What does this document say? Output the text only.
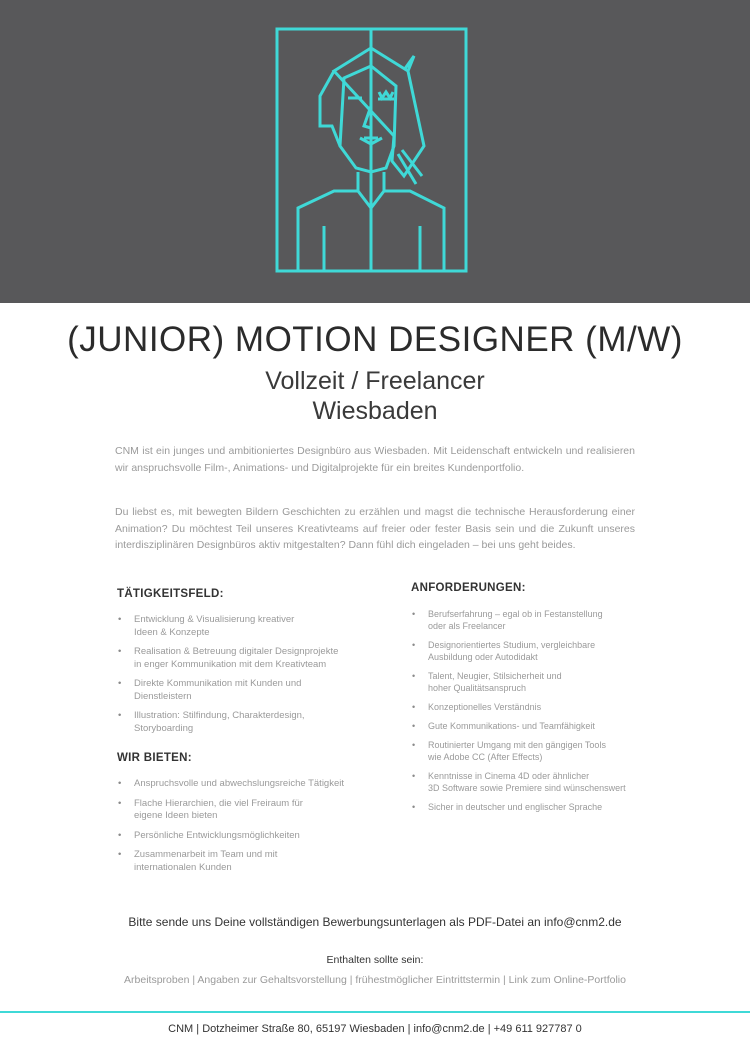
(JUNIOR) MOTION DESIGNER (M/W)

Vollzeit / Freelancer

Wiesbaden

CNM ist ein junges und ambitioniertes Designbüro aus Wiesbaden. Mit Leidenschaft entwickeln und realisieren wir anspruchsvolle Film-, Animations- und Digitalprojekte für ein breites Kundenportfolio.

Du liebst es, mit bewegten Bildern Geschichten zu erzählen und magst die technische Herausforderung einer Animation? Du möchtest Teil unseres Kreativteams auf freier oder fester Basis sein und die Zukunft unseres interdisziplinären Designbüros aktiv mitgestalten? Dann fühl dich eingeladen – bei uns geht beides.

TÄTIGKEITSFELD:
• Entwicklung & Visualisierung kreativer
Ideen & Konzepte
• Realisation & Betreuung digitaler Designprojekte
in enger Kommunikation mit dem Kreativteam
• Direkte Kommunikation mit Kunden und
Dienstleistern
• Illustration: Stilfindung, Charakterdesign,
Storyboarding
WIR BIETEN:
• Anspruchsvolle und abwechslungsreiche Tätigkeit
• Flache Hierarchien, die viel Freiraum für
eigene Ideen bieten
• Persönliche Entwicklungsmöglichkeiten
• Zusammenarbeit im Team und mit
internationalen Kunden
ANFORDERUNGEN:
• Berufserfahrung – egal ob in Festanstellung
oder als Freelancer
• Designorientiertes Studium, vergleichbare
Ausbildung oder Autodidakt
• Talent, Neugier, Stilsicherheit und
hoher Qualitätsanspruch
• Konzeptionelles Verständnis
• Gute Kommunikations- und Teamfähigkeit
• Routinierter Umgang mit den gängigen Tools
wie Adobe CC (After Effects)
• Kenntnisse in Cinema 4D oder ähnlicher
3D Software sowie Premiere sind wünschenswert
• Sicher in deutscher und englischer Sprache

Bitte sende uns Deine vollständigen Bewerbungsunterlagen als PDF-Datei an info@cnm2.de

Enthalten sollte sein:

Arbeitsproben | Angaben zur Gehaltsvorstellung | frühestmöglicher Eintrittstermin | Link zum Online-Portfolio

CNM | Dotzheimer Straße 80, 65197 Wiesbaden | info@cnm2.de | +49 611 927787 0
